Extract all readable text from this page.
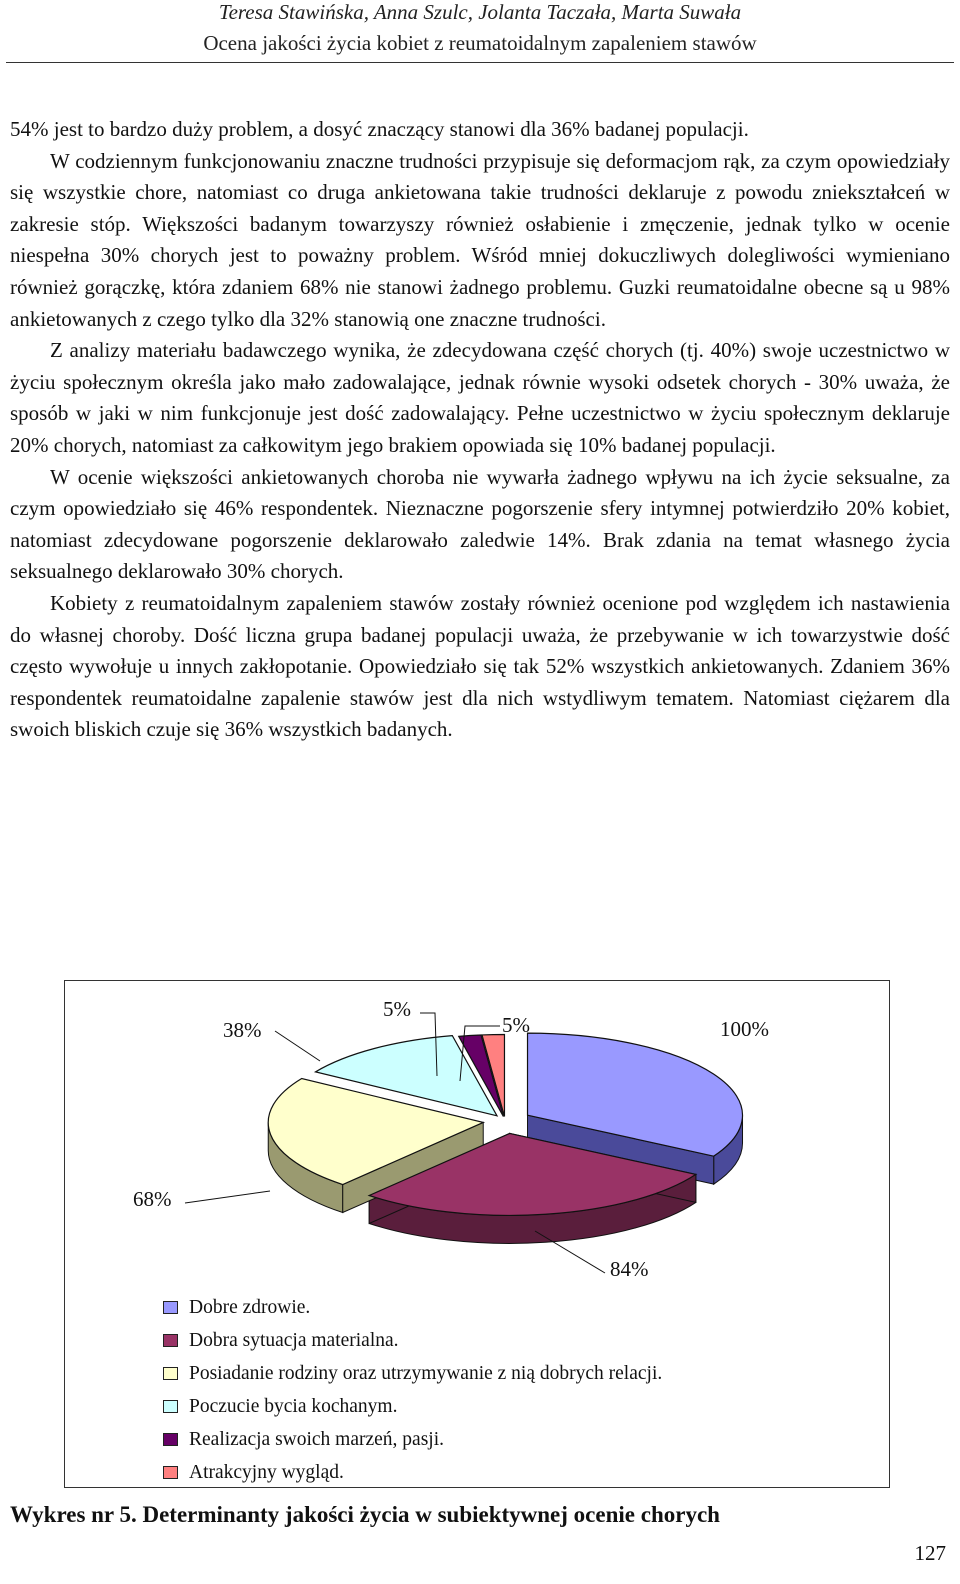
Teresa Stawińska, Anna Szulc, Jolanta Taczała, Marta Suwała
Ocena jakości życia kobiet z reumatoidalnym zapaleniem stawów

54% jest to bardzo duży problem, a dosyć znaczący stanowi dla 36% badanej populacji.

W codziennym funkcjonowaniu znaczne trudności przypisuje się deformacjom rąk, za czym opowiedziały się wszystkie chore, natomiast co druga ankietowana takie trudności deklaruje z powodu zniekształceń w zakresie stóp. Większości badanym towarzyszy również osłabienie i zmęczenie, jednak tylko w ocenie niespełna 30% chorych jest to poważny problem. Wśród mniej dokuczliwych dolegliwości wymieniano również gorączkę, która zdaniem 68% nie stanowi żadnego problemu. Guzki reumatoidalne obecne są u 98% ankietowanych z czego tylko dla 32% stanowią one znaczne trudności.

Z analizy materiału badawczego wynika, że zdecydowana część chorych (tj. 40%) swoje uczestnictwo w życiu społecznym określa jako mało zadowalające, jednak równie wysoki odsetek chorych - 30% uważa, że sposób w jaki w nim funkcjonuje jest dość zadowalający. Pełne uczestnictwo w życiu społecznym deklaruje 20% chorych, natomiast za całkowitym jego brakiem opowiada się 10% badanej populacji.

W ocenie większości ankietowanych choroba nie wywarła żadnego wpływu na ich życie seksualne, za czym opowiedziało się 46% respondentek. Nieznaczne pogorszenie sfery intymnej potwierdziło 20% kobiet, natomiast zdecydowane pogorszenie deklarowało zaledwie 14%. Brak zdania na temat własnego życia seksualnego deklarowało 30% chorych.

Kobiety z reumatoidalnym zapaleniem stawów zostały również ocenione pod względem ich nastawienia do własnej choroby. Dość liczna grupa badanej populacji uważa, że przebywanie w ich towarzystwie dość często wywołuje u innych zakłopotanie. Opowiedziało się tak 52% wszystkich ankietowanych. Zdaniem 36% respondentek reumatoidalne zapalenie stawów jest dla nich wstydliwym tematem. Natomiast ciężarem dla swoich bliskich czuje się 36% wszystkich badanych.

100%
84%
68%
38%
5%
5%
Dobre zdrowie.
Dobra sytuacja materialna.
Posiadanie rodziny oraz utrzymywanie z nią dobrych relacji.
Poczucie bycia kochanym.
Realizacja swoich marzeń, pasji.
Atrakcyjny wygląd.
Wykres nr 5. Determinanty jakości życia w subiektywnej ocenie chorych
127
